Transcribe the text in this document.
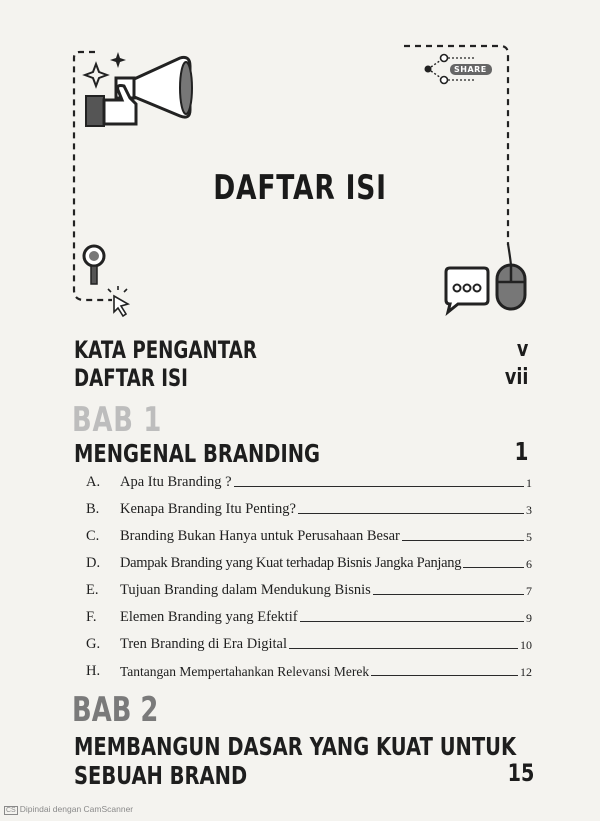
SHARE
DAFTAR ISI
KATA PENGANTAR	v
DAFTAR ISI	vii
BAB 1
MENGENAL BRANDING	1
A.	Apa Itu Branding ?	1
B.	Kenapa Branding Itu Penting?	3
C.	Branding Bukan Hanya untuk Perusahaan Besar	5
D.	Dampak Branding yang Kuat terhadap Bisnis Jangka Panjang	6
E.	Tujuan Branding dalam Mendukung Bisnis	7
F.	Elemen Branding yang Efektif	9
G.	Tren Branding di Era Digital	10
H.	Tantangan Mempertahankan Relevansi Merek	12
BAB 2
MEMBANGUN DASAR YANG KUAT UNTUK
SEBUAH BRAND	15
CS Dipindai dengan CamScanner
